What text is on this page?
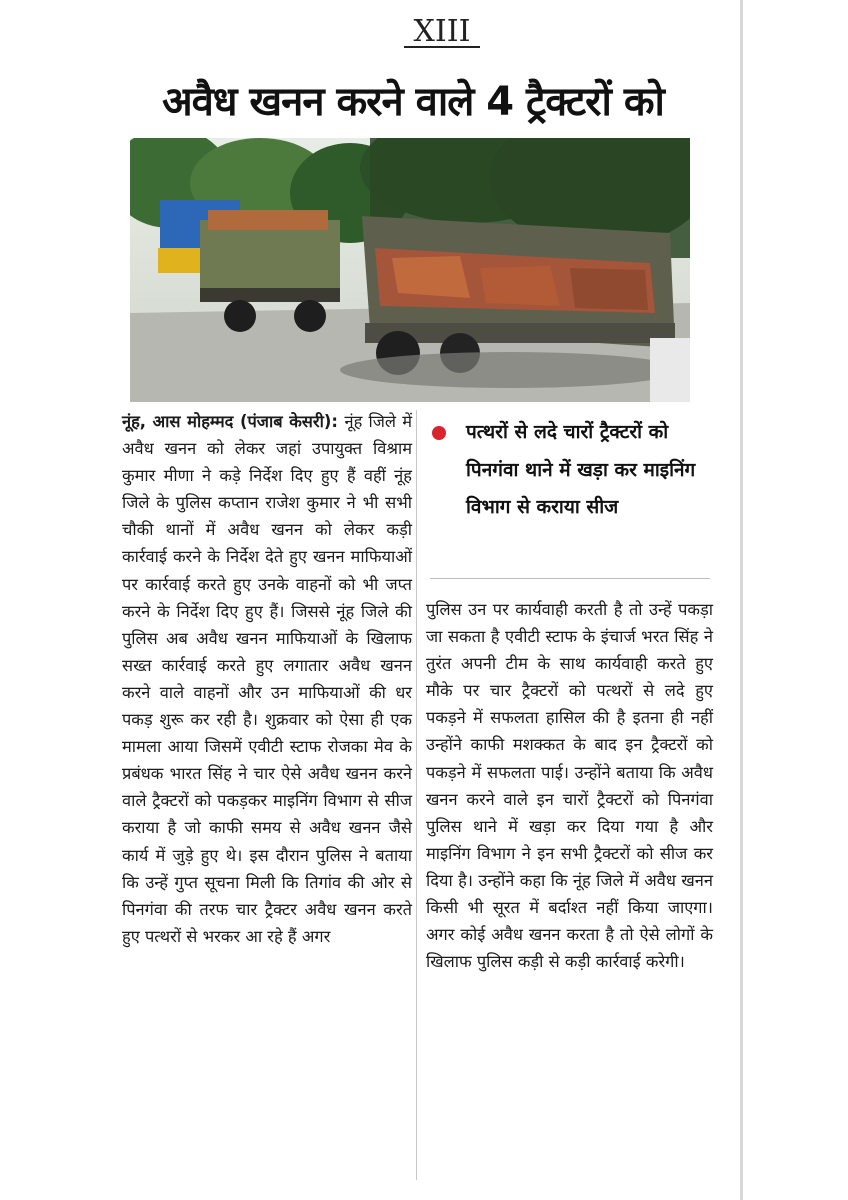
XIII
अवैध खनन करने वाले 4 ट्रैक्टरों को
नूंह, आस मोहम्मद (पंजाब केसरी): नूंह जिले में अवैध खनन को लेकर जहां उपायुक्त विश्राम कुमार मीणा ने कड़े निर्देश दिए हुए हैं वहीं नूंह जिले के पुलिस कप्तान राजेश कुमार ने भी सभी चौकी थानों में अवैध खनन को लेकर कड़ी कार्रवाई करने के निर्देश देते हुए खनन माफियाओं पर कार्रवाई करते हुए उनके वाहनों को भी जप्त करने के निर्देश दिए हुए हैं। जिससे नूंह जिले की पुलिस अब अवैध खनन माफियाओं के खिलाफ सख्त कार्रवाई करते हुए लगातार अवैध खनन करने वाले वाहनों और उन माफियाओं की धर पकड़ शुरू कर रही है। शुक्रवार को ऐसा ही एक मामला आया जिसमें एवीटी स्टाफ रोजका मेव के प्रबंधक भारत सिंह ने चार ऐसे अवैध खनन करने वाले ट्रैक्टरों को पकड़कर माइनिंग विभाग से सीज कराया है जो काफी समय से अवैध खनन जैसे कार्य में जुड़े हुए थे। इस दौरान पुलिस ने बताया कि उन्हें गुप्त सूचना मिली कि तिगांव की ओर से पिनगंवा की तरफ चार ट्रैक्टर अवैध खनन करते हुए पत्थरों से भरकर आ रहे हैं अगर
पत्थरों से लदे चारों ट्रैक्टरों को पिनगंवा थाने में खड़ा कर माइनिंग विभाग से कराया सीज
पुलिस उन पर कार्यवाही करती है तो उन्हें पकड़ा जा सकता है एवीटी स्टाफ के इंचार्ज भरत सिंह ने तुरंत अपनी टीम के साथ कार्यवाही करते हुए मौके पर चार ट्रैक्टरों को पत्थरों से लदे हुए पकड़ने में सफलता हासिल की है इतना ही नहीं उन्होंने काफी मशक्कत के बाद इन ट्रैक्टरों को पकड़ने में सफलता पाई। उन्होंने बताया कि अवैध खनन करने वाले इन चारों ट्रैक्टरों को पिनगंवा पुलिस थाने में खड़ा कर दिया गया है और माइनिंग विभाग ने इन सभी ट्रैक्टरों को सीज कर दिया है। उन्होंने कहा कि नूंह जिले में अवैध खनन किसी भी सूरत में बर्दाश्त नहीं किया जाएगा। अगर कोई अवैध खनन करता है तो ऐसे लोगों के खिलाफ पुलिस कड़ी से कड़ी कार्रवाई करेगी।
